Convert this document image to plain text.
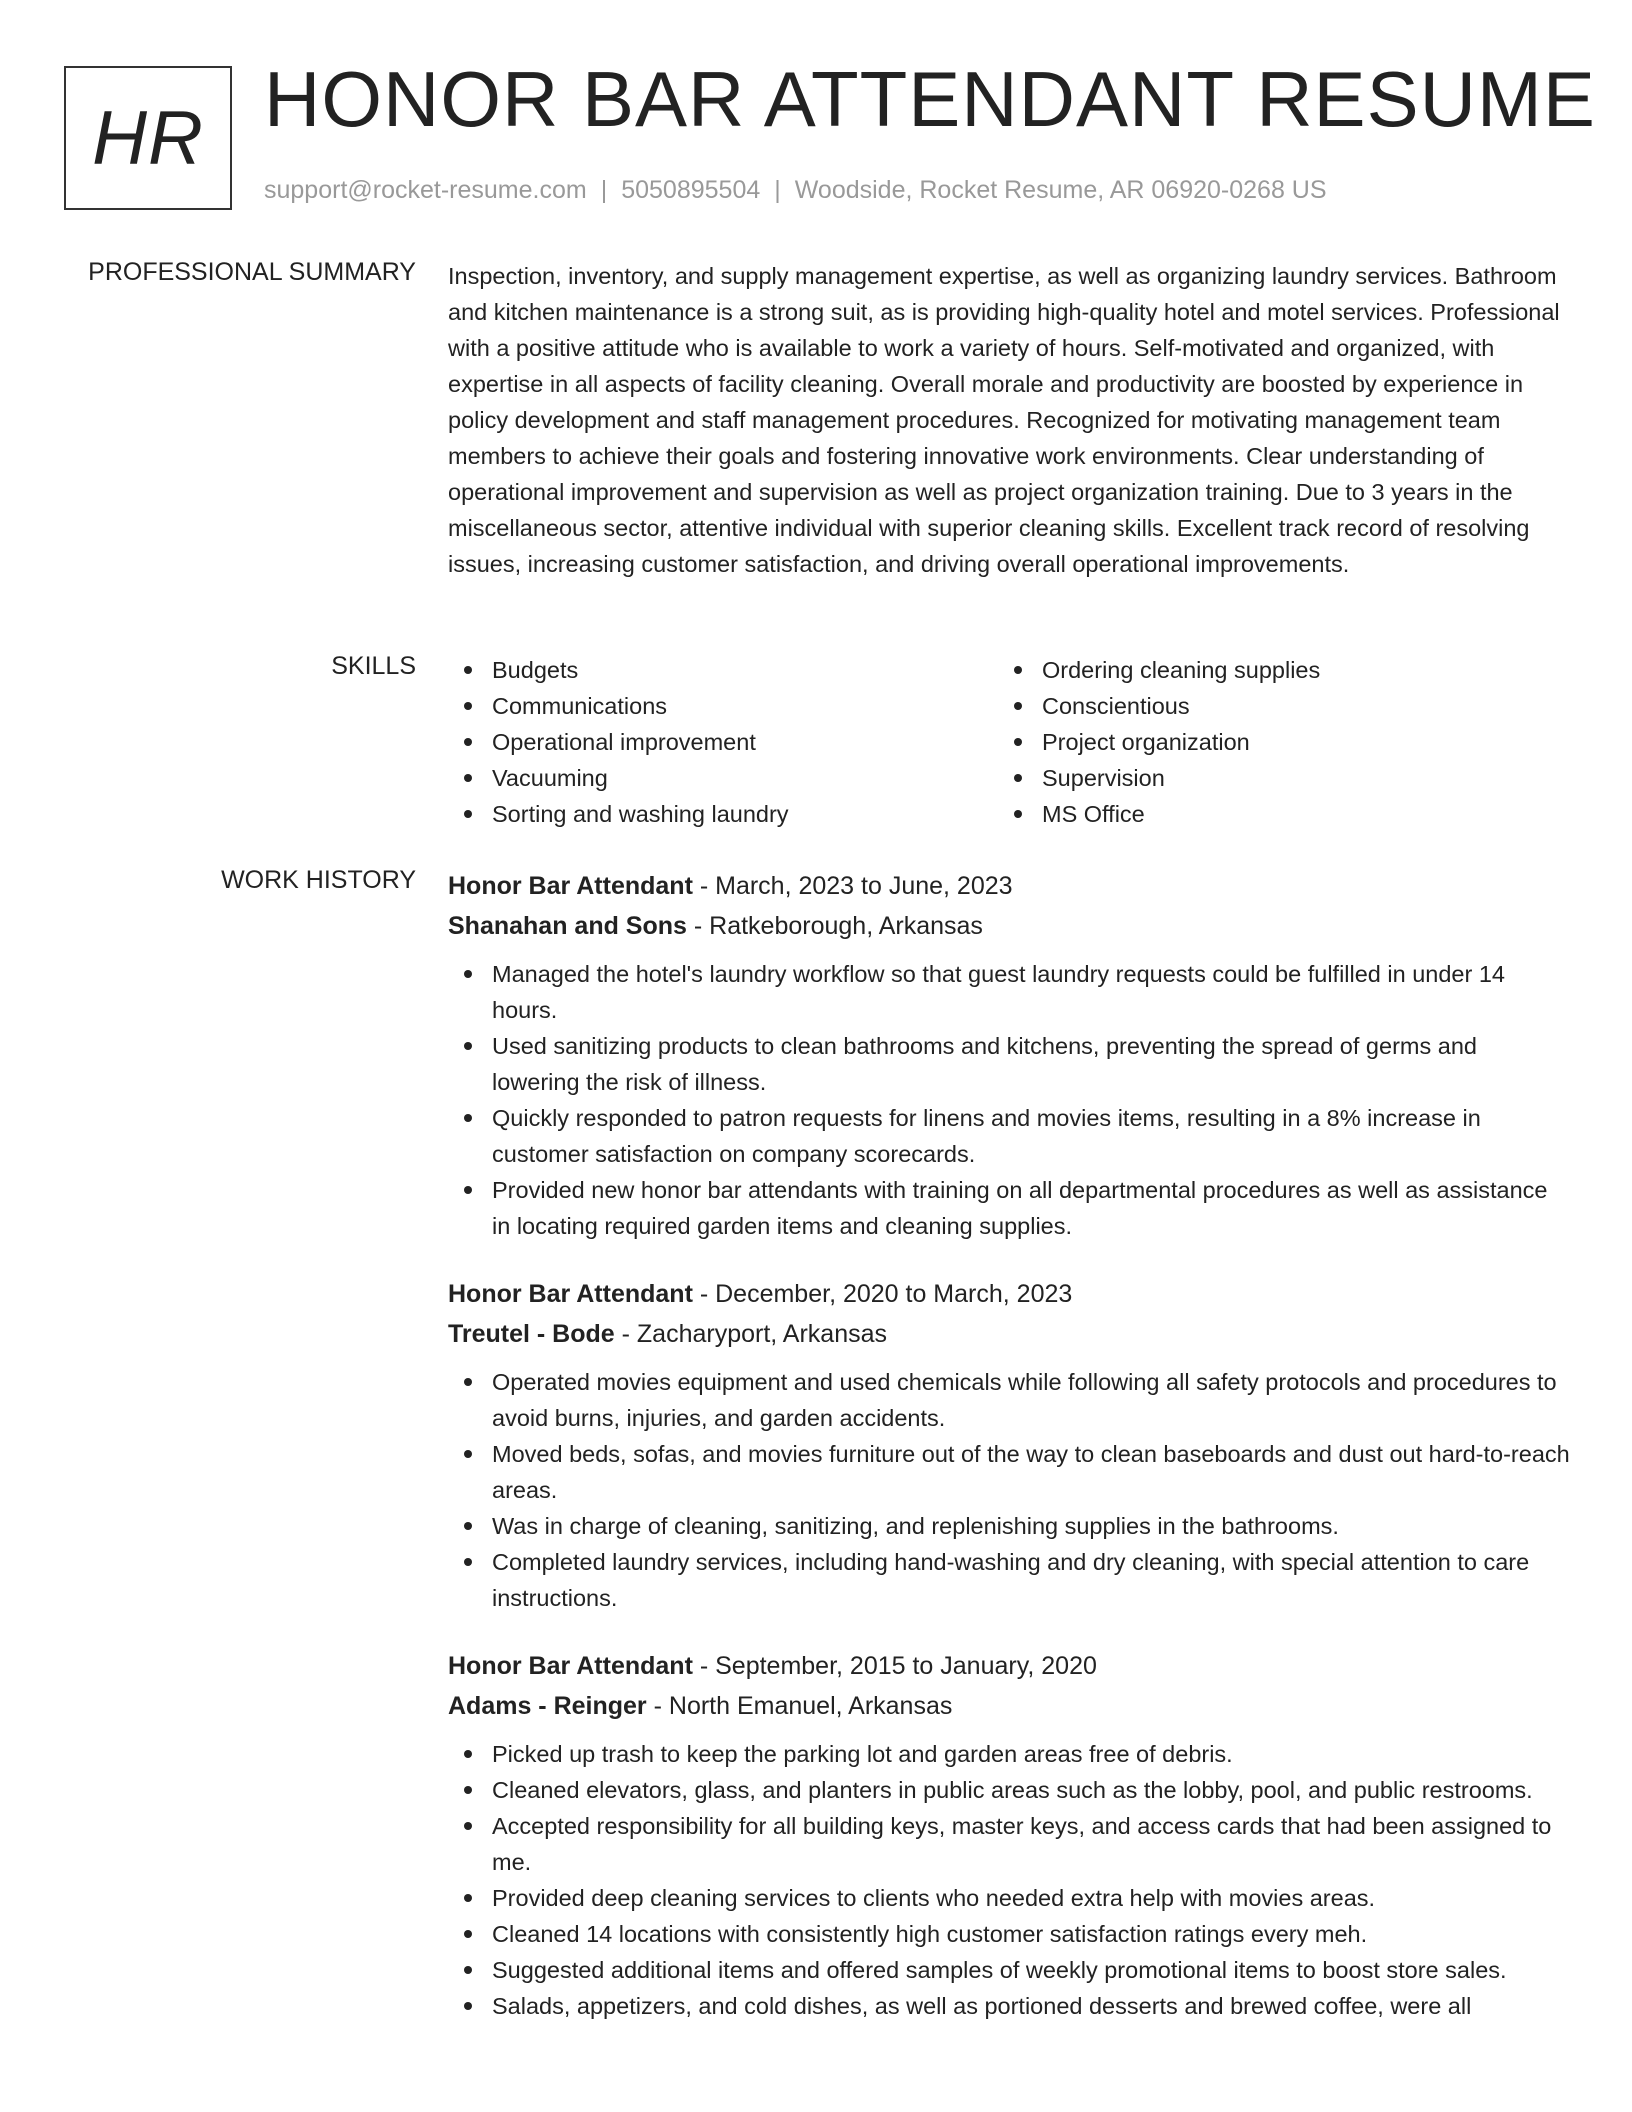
HR HONOR BAR ATTENDANT RESUME
support@rocket-resume.com | 5050895504 | Woodside, Rocket Resume, AR 06920-0268 US
PROFESSIONAL SUMMARY Inspection, inventory, and supply management expertise, as well as organizing laundry services. Bathroom and kitchen maintenance is a strong suit, as is providing high-quality hotel and motel services. Professional with a positive attitude who is available to work a variety of hours. Self-motivated and organized, with expertise in all aspects of facility cleaning. Overall morale and productivity are boosted by experience in policy development and staff management procedures. Recognized for motivating management team members to achieve their goals and fostering innovative work environments. Clear understanding of operational improvement and supervision as well as project organization training. Due to 3 years in the miscellaneous sector, attentive individual with superior cleaning skills. Excellent track record of resolving issues, increasing customer satisfaction, and driving overall operational improvements.

SKILLS	Budgets
Communications
Operational improvement
Vacuuming
Sorting and washing laundry
Ordering cleaning supplies
Conscientious
Project organization
Supervision
MS Office
WORK HISTORY Honor Bar Attendant - March, 2023 to June, 2023
Shanahan and Sons - Ratkeborough, Arkansas
Managed the hotel's laundry workflow so that guest laundry requests could be fulfilled in under 14 hours.
Used sanitizing products to clean bathrooms and kitchens, preventing the spread of germs and lowering the risk of illness.
Quickly responded to patron requests for linens and movies items, resulting in a 8% increase in customer satisfaction on company scorecards.
Provided new honor bar attendants with training on all departmental procedures as well as assistance in locating required garden items and cleaning supplies.
Honor Bar Attendant - December, 2020 to March, 2023
Treutel - Bode - Zacharyport, Arkansas
Operated movies equipment and used chemicals while following all safety protocols and procedures to avoid burns, injuries, and garden accidents.
Moved beds, sofas, and movies furniture out of the way to clean baseboards and dust out hard-to-reach areas.
Was in charge of cleaning, sanitizing, and replenishing supplies in the bathrooms.
Completed laundry services, including hand-washing and dry cleaning, with special attention to care instructions.
Honor Bar Attendant - September, 2015 to January, 2020
Adams - Reinger - North Emanuel, Arkansas
Picked up trash to keep the parking lot and garden areas free of debris.
Cleaned elevators, glass, and planters in public areas such as the lobby, pool, and public restrooms.
Accepted responsibility for all building keys, master keys, and access cards that had been assigned to me.
Provided deep cleaning services to clients who needed extra help with movies areas.
Cleaned 14 locations with consistently high customer satisfaction ratings every meh.
Suggested additional items and offered samples of weekly promotional items to boost store sales.
Salads, appetizers, and cold dishes, as well as portioned desserts and brewed coffee, were all
